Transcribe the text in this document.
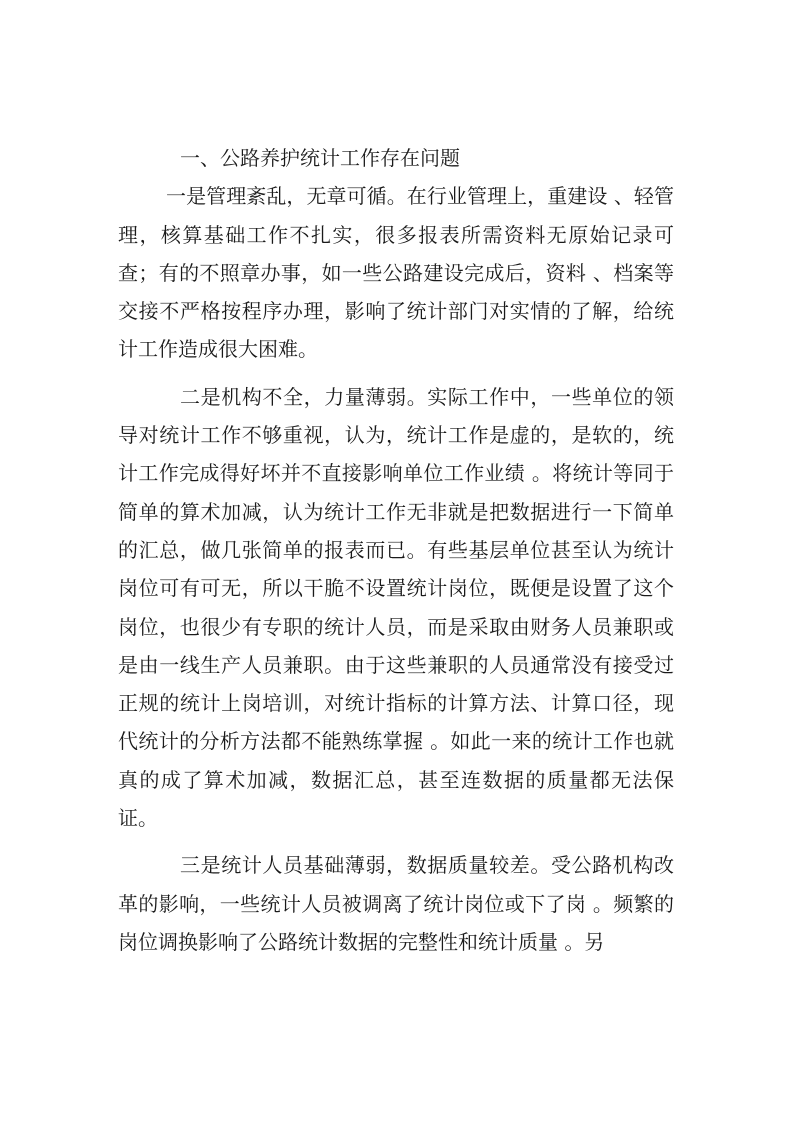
一、公路养护统计工作存在问题

一是管理紊乱，无章可循。在行业管理上，重建设 、轻管理，核算基础工作不扎实，很多报表所需资料无原始记录可查；有的不照章办事，如一些公路建设完成后，资料 、档案等交接不严格按程序办理，影响了统计部门对实情的了解，给统计工作造成很大困难。

二是机构不全，力量薄弱。实际工作中，一些单位的领导对统计工作不够重视，认为，统计工作是虚的，是软的，统计工作完成得好坏并不直接影响单位工作业绩 。将统计等同于简单的算术加减，认为统计工作无非就是把数据进行一下简单的汇总，做几张简单的报表而已。有些基层单位甚至认为统计岗位可有可无，所以干脆不设置统计岗位，既便是设置了这个岗位，也很少有专职的统计人员，而是采取由财务人员兼职或是由一线生产人员兼职。由于这些兼职的人员通常没有接受过正规的统计上岗培训，对统计指标的计算方法、计算口径，现代统计的分析方法都不能熟练掌握 。如此一来的统计工作也就真的成了算术加减，数据汇总，甚至连数据的质量都无法保证。

三是统计人员基础薄弱，数据质量较差。受公路机构改革的影响，一些统计人员被调离了统计岗位或下了岗 。频繁的岗位调换影响了公路统计数据的完整性和统计质量 。另
